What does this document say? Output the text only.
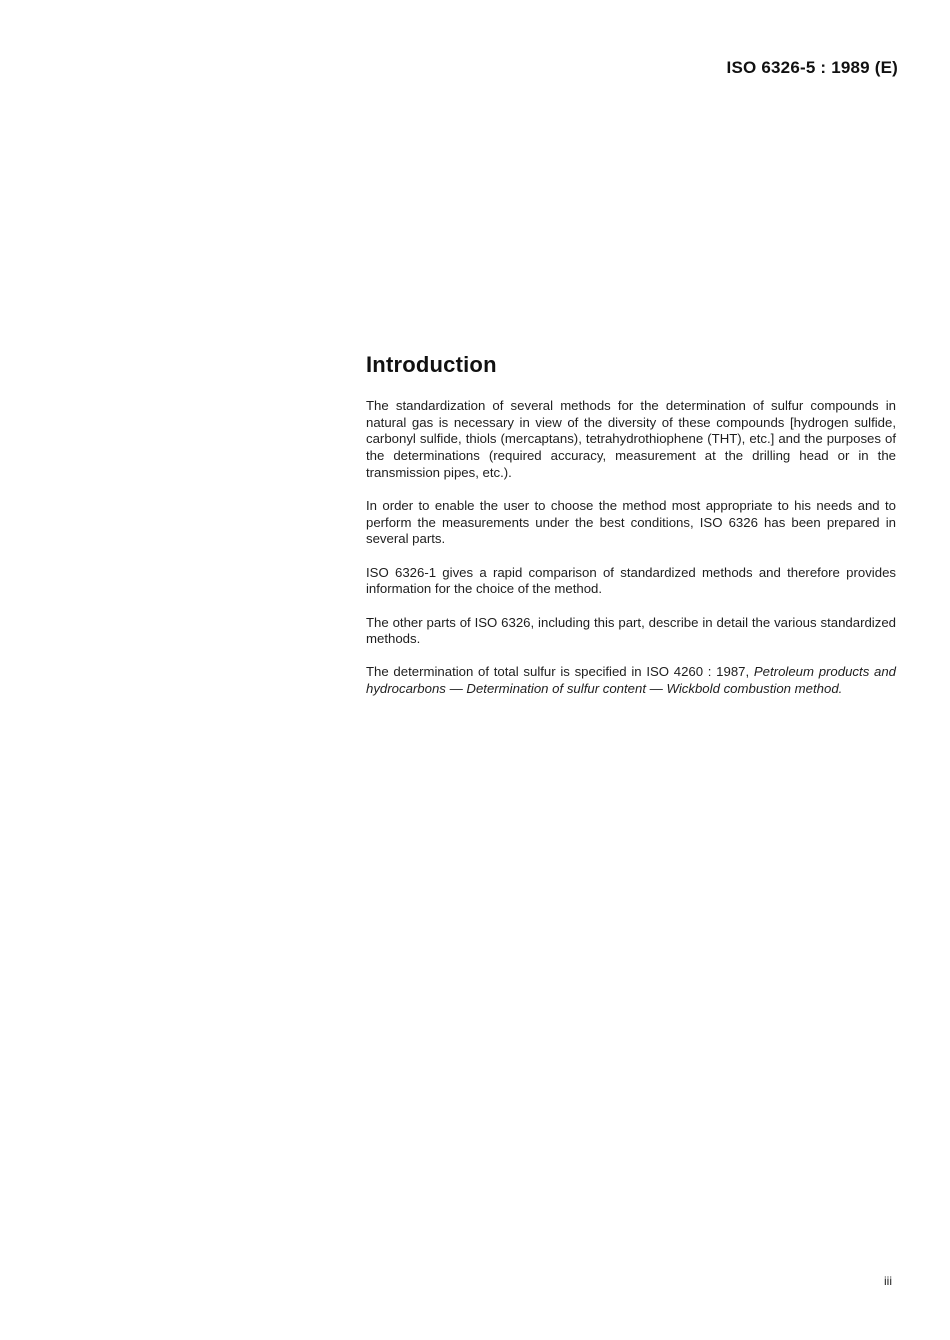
ISO 6326-5 : 1989 (E)
Introduction

The standardization of several methods for the determination of sulfur compounds in natural gas is necessary in view of the diversity of these compounds [hydrogen sulfide, carbonyl sulfide, thiols (mercaptans), tetrahydrothiophene (THT), etc.] and the purposes of the determinations (required accuracy, measurement at the drilling head or in the transmission pipes, etc.).

In order to enable the user to choose the method most appropriate to his needs and to perform the measurements under the best conditions, ISO 6326 has been prepared in several parts.

ISO 6326-1 gives a rapid comparison of standardized methods and therefore provides information for the choice of the method.

The other parts of ISO 6326, including this part, describe in detail the various standardized methods.

The determination of total sulfur is specified in ISO 4260 : 1987, Petroleum products and hydrocarbons — Determination of sulfur content — Wickbold combustion method.

iii
